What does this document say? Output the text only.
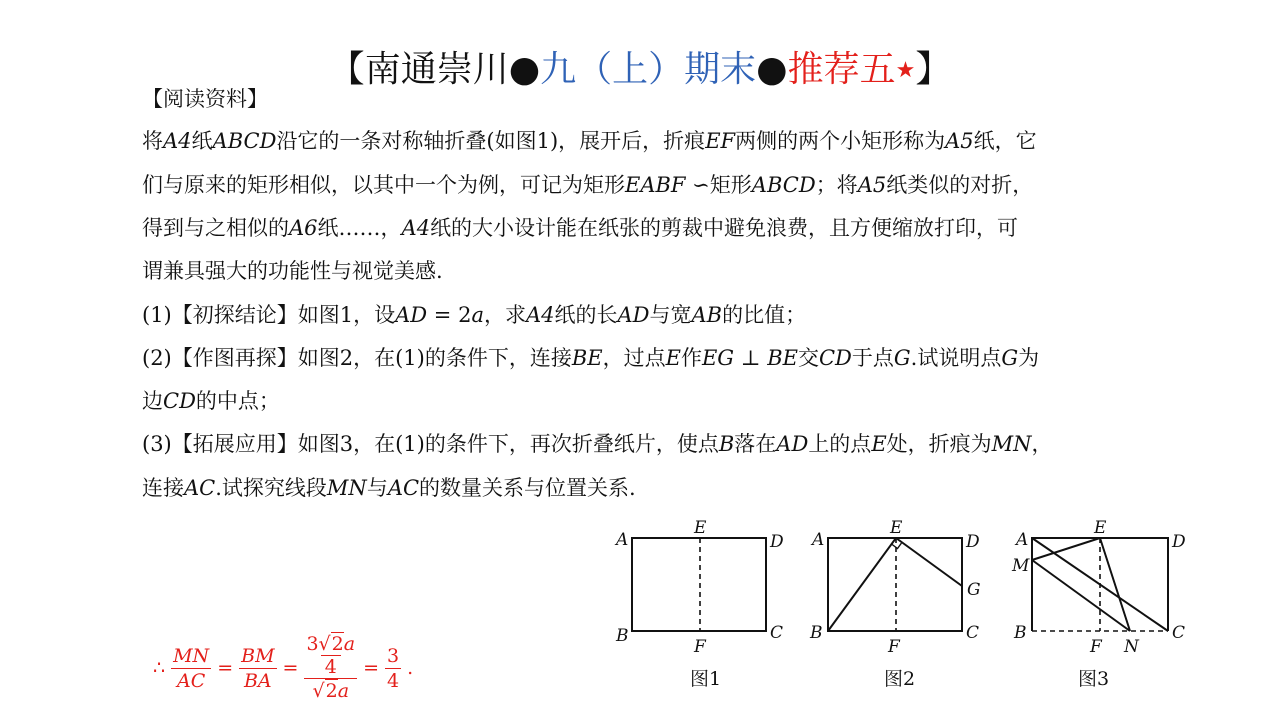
【南通崇川●九（上）期末●推荐五★】
【阅读资料】
将A4纸ABCD沿它的一条对称轴折叠(如图1)，展开后，折痕EF两侧的两个小矩形称为A5纸，它
们与原来的矩形相似，以其中一个为例，可记为矩形EABF ∽矩形ABCD；将A5纸类似的对折，
得到与之相似的A6纸……，A4纸的大小设计能在纸张的剪裁中避免浪费，且方便缩放打印，可
谓兼具强大的功能性与视觉美感.
(1)【初探结论】如图1，设AD = 2a，求A4纸的长AD与宽AB的比值；
(2)【作图再探】如图2，在(1)的条件下，连接BE，过点E作EG ⊥ BE交CD于点G.试说明点G为
边CD的中点；
(3)【拓展应用】如图3，在(1)的条件下，再次折叠纸片，使点B落在AD上的点E处，折痕为MN，
连接AC.试探究线段MN与AC的数量关系与位置关系.
∴ $\frac{MN}{AC} = \frac{BM}{BA} = 3√2a$
4
$√2a = \frac{3}{4}$ .
A
E
D
B
F
C
图1
A
E
D
G
B
F
C
图2
A
E
D
M
B
F N
C
图3
